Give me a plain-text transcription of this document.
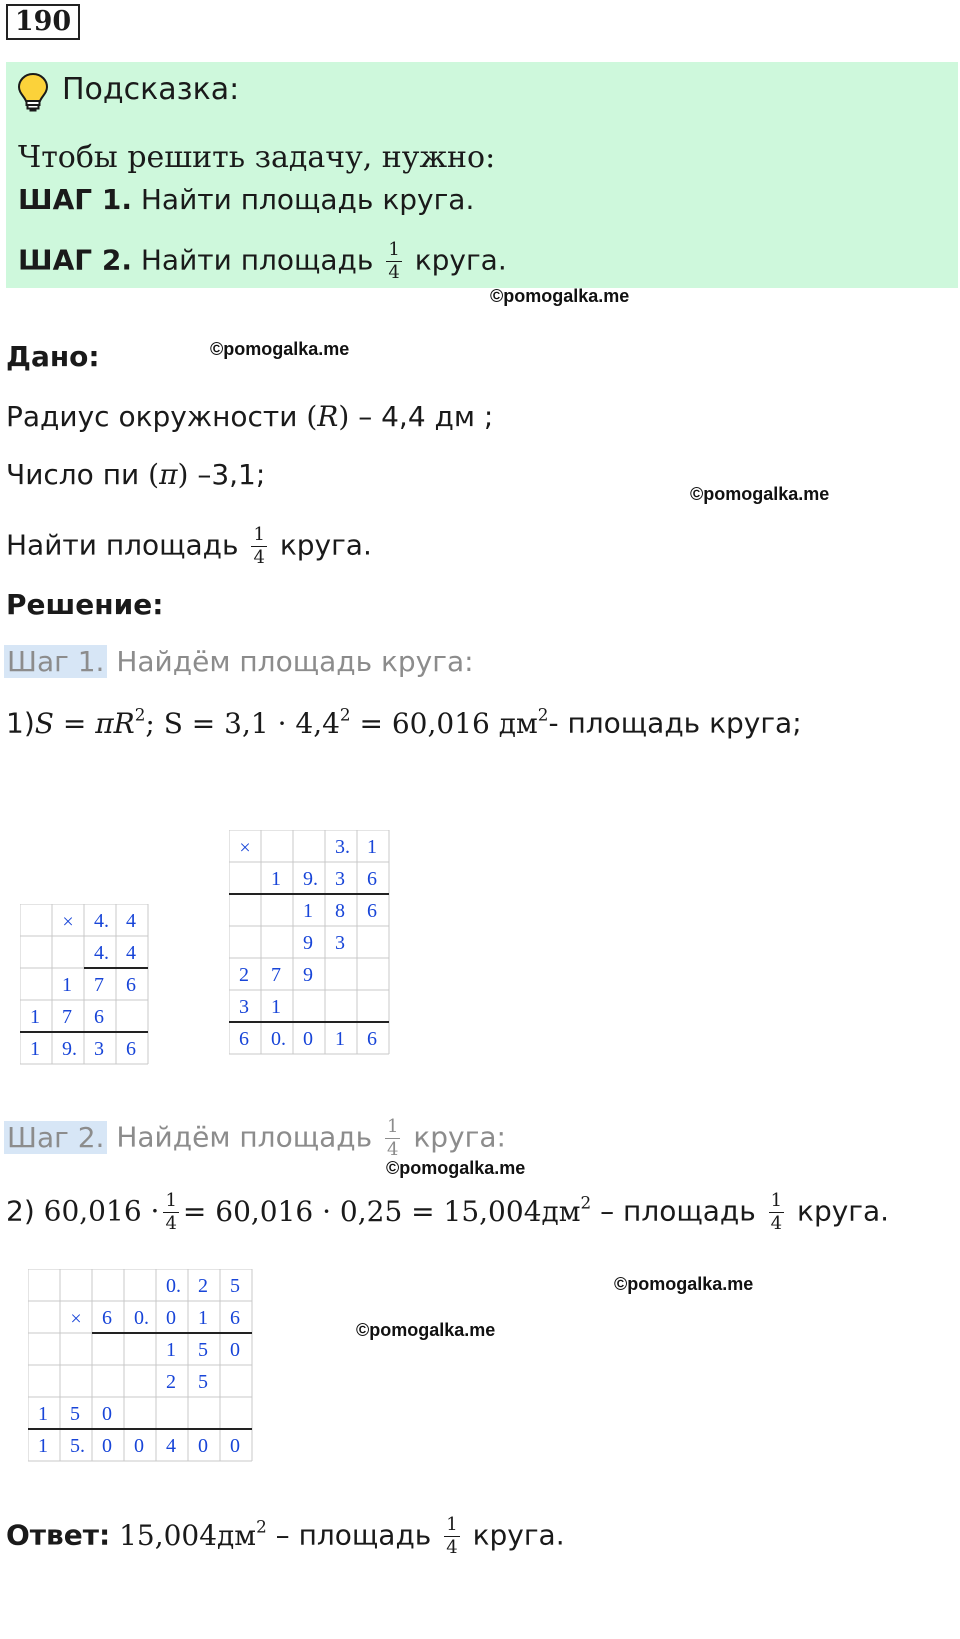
190
Подсказка:
Чтобы решить задачу, нужно:
ШАГ 1. Найти площадь круга.
ШАГ 2. Найти площадь $\frac{1}{4}$ круга.
©pomogalka.me
©pomogalka.me
©pomogalka.me
©pomogalka.me
©pomogalka.me
©pomogalka.me
Дано:
Радиус окружности (R) – 4,4 дм ;
Число пи (π) –3,1;
Найти площадь $\frac{1}{4}$ круга.
Решение:
Шаг 1. Найдём площадь круга:
$1)S = \pi R^2$; $S = 3,1 \cdot 4,4^2 = 60,016$ $дм^2-$ площадь круга;
× 4. 4
4. 4
1 7 6
1 7 6
1 9. 3 6
×	3. 1
1 9. 3 6
1 8 6
9 3
2 7 9
3 1
6 0. 0 1 6
Шаг 2. Найдём площадь $\frac{1}{4}$ круга:
2) $60,016 \cdot \frac{1}{4} = 60,016 \cdot 0,25 = 15,004дм^2$ – площадь $\frac{1}{4}$ круга.
0. 2 5
× 6 0. 0 1 6
1 5 0
2 5
1 5 0
1 5. 0 0 4 0 0
Ответ: $15,004дм^2$ – площадь $\frac{1}{4}$ круга.
